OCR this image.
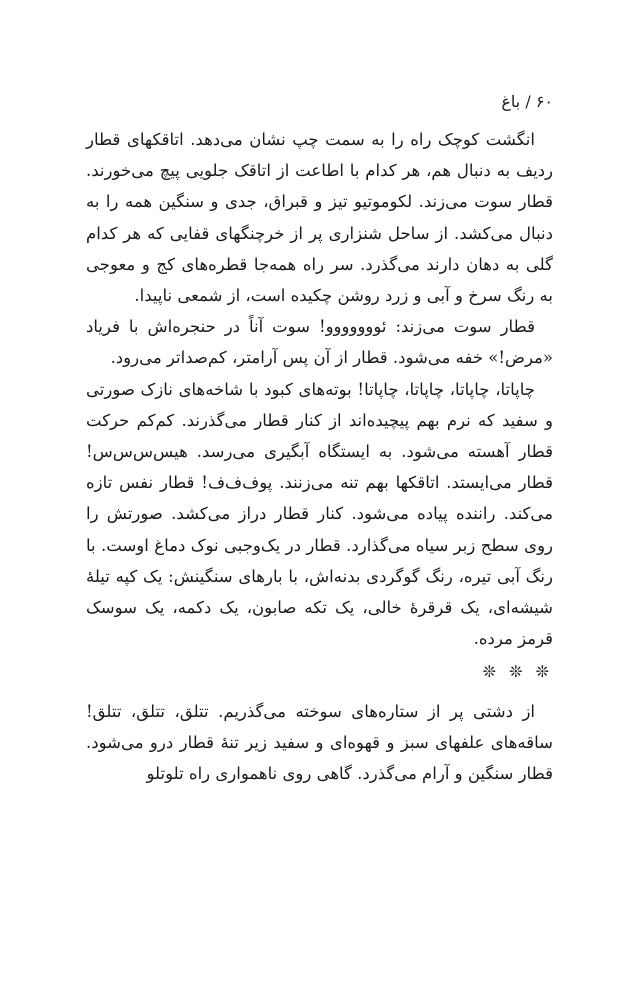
۶۰ / باغ

انگشت کوچک راه را به سمت چپ نشان می‌دهد. اتاقکهای قطار ردیف به دنبال هم، هر کدام با اطاعت از اتاقک جلویی پیچ می‌خورند. قطار سوت می‌زند. لکوموتیو تیز و قبراق، جدی و سنگین همه را به دنبال می‌کشد. از ساحل شنزاری پر از خرچنگهای قفایی که هر کدام گلی به دهان دارند می‌گذرد. سر راه همه‌جا قطره‌های کج و معوجی به رنگ سرخ و آبی و زرد روشن چکیده است، از شمعی ناپیدا.

قطار سوت می‌زند: ئووووووو! سوت آناً در حنجره‌اش با فریاد «مرض!» خفه می‌شود. قطار از آن پس آرامتر، کم‌صداتر می‌رود.

چاپاتا، چاپاتا، چاپاتا، چاپاتا! بوته‌های کبود با شاخه‌های نازک صورتی و سفید که نرم بهم پیچیده‌اند از کنار قطار می‌گذرند. کم‌کم حرکت قطار آهسته می‌شود. به ایستگاه آبگیری می‌رسد. هیس‌س‌س‌س! قطار می‌ایستد. اتاقکها بهم تنه می‌زنند. پوف‌ف‌ف! قطار نفس تازه می‌کند. راننده پیاده می‌شود. کنار قطار دراز می‌کشد. صورتش را روی سطح زبر سیاه می‌گذارد. قطار در یک‌وجبی نوک دماغ اوست. با رنگ آبی تیره، رنگ گوگردی بدنه‌اش، با بارهای سنگینش: یک کپه تیلهٔ شیشه‌ای، یک قرقرهٔ خالی، یک تکه صابون، یک دکمه، یک سوسک قرمز مرده.

❊ ❊ ❊

از دشتی پر از ستاره‌های سوخته می‌گذریم. تتلق، تتلق، تتلق! ساقه‌های علفهای سبز و قهوه‌ای و سفید زیر تنهٔ قطار درو می‌شود. قطار سنگین و آرام می‌گذرد. گاهی روی ناهمواری راه تلوتلو
